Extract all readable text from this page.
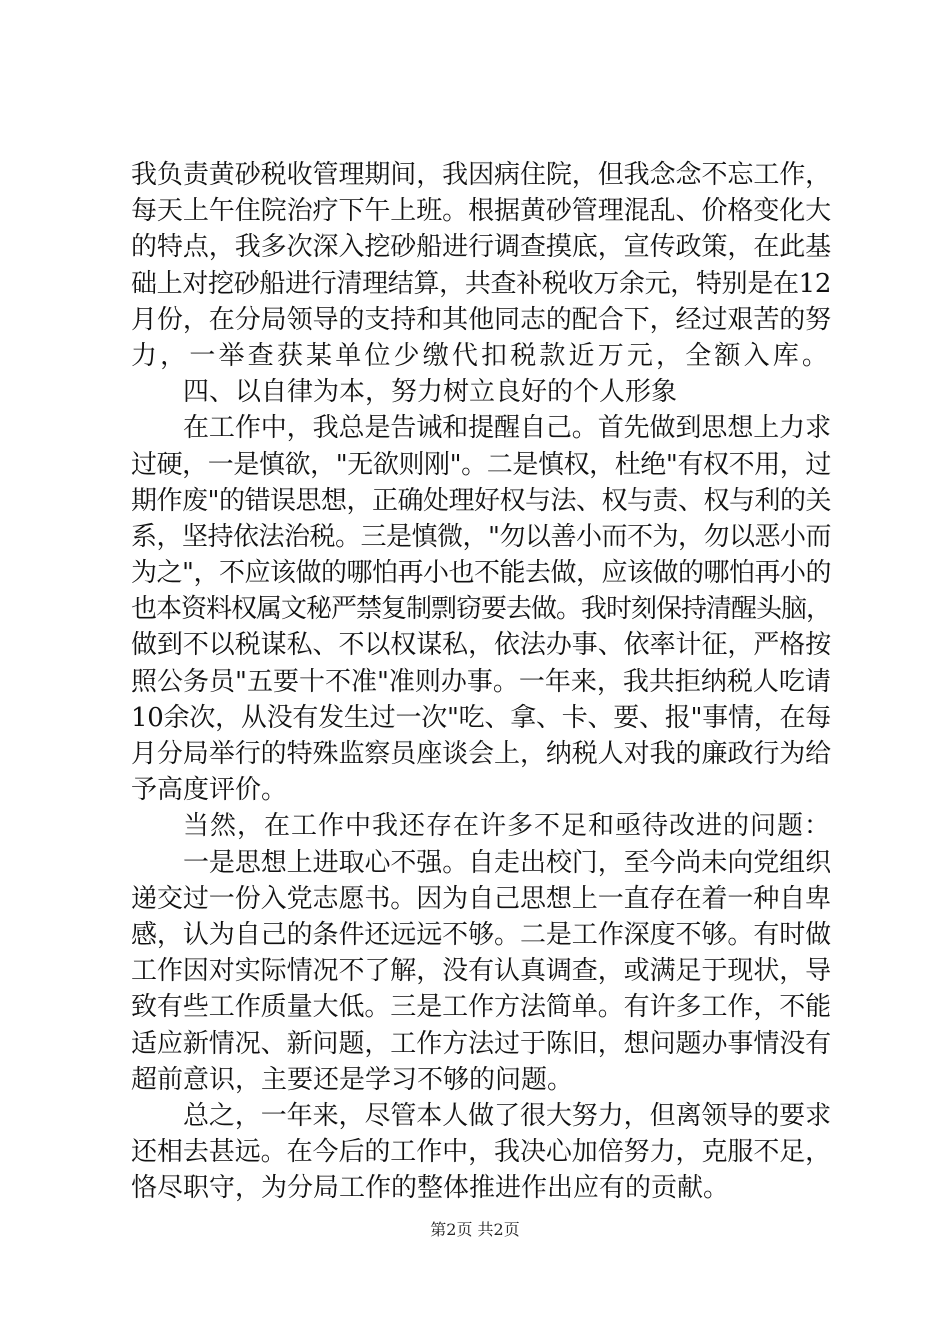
我负责黄砂税收管理期间，我因病住院，但我念念不忘工作，
每天上午住院治疗下午上班。根据黄砂管理混乱、价格变化大
的特点，我多次深入挖砂船进行调查摸底，宣传政策，在此基
础上对挖砂船进行清理结算，共查补税收万余元，特别是在12
月份，在分局领导的支持和其他同志的配合下，经过艰苦的努
力，一举查获某单位少缴代扣税款近万元，全额入库。
四、以自律为本，努力树立良好的个人形象
在工作中，我总是告诫和提醒自己。首先做到思想上力求
过硬，一是慎欲，"无欲则刚"。二是慎权，杜绝"有权不用，过
期作废"的错误思想，正确处理好权与法、权与责、权与利的关
系，坚持依法治税。三是慎微，"勿以善小而不为，勿以恶小而
为之"，不应该做的哪怕再小也不能去做，应该做的哪怕再小的
也本资料权属文秘严禁复制剽窃要去做。我时刻保持清醒头脑，
做到不以税谋私、不以权谋私，依法办事、依率计征，严格按
照公务员"五要十不准"准则办事。一年来，我共拒纳税人吃请
10余次，从没有发生过一次"吃、拿、卡、要、报"事情，在每
月分局举行的特殊监察员座谈会上，纳税人对我的廉政行为给
予高度评价。
当然，在工作中我还存在许多不足和亟待改进的问题：
一是思想上进取心不强。自走出校门，至今尚未向党组织
递交过一份入党志愿书。因为自己思想上一直存在着一种自卑
感，认为自己的条件还远远不够。二是工作深度不够。有时做
工作因对实际情况不了解，没有认真调查，或满足于现状，导
致有些工作质量大低。三是工作方法简单。有许多工作，不能
适应新情况、新问题，工作方法过于陈旧，想问题办事情没有
超前意识，主要还是学习不够的问题。
总之，一年来，尽管本人做了很大努力，但离领导的要求
还相去甚远。在今后的工作中，我决心加倍努力，克服不足，
恪尽职守，为分局工作的整体推进作出应有的贡献。
第2页 共2页
